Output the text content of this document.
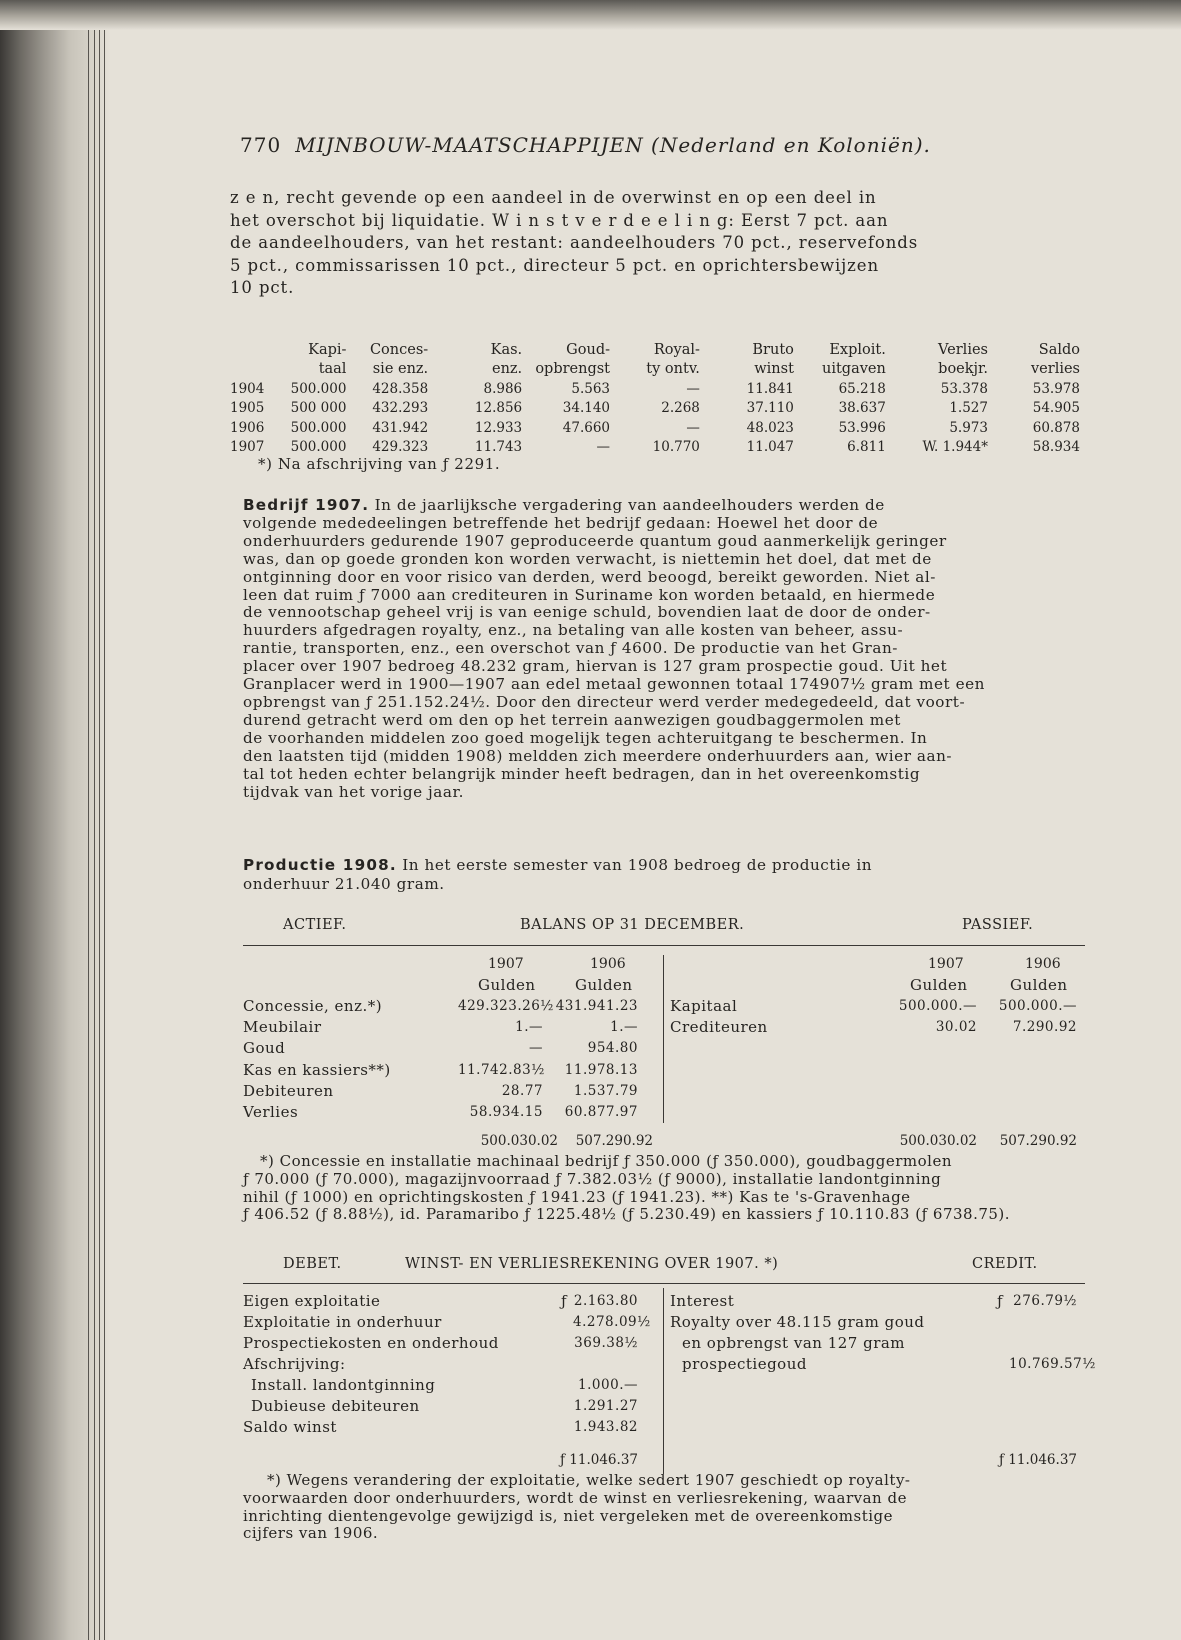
770 MIJNBOUW-MAATSCHAPPIJEN (Nederland en Koloniën).
z e n, recht gevende op een aandeel in de overwinst en op een deel in
het overschot bij liquidatie. W i n s t v e r d e e l i n g: Eerst 7 pct. aan
de aandeelhouders, van het restant: aandeelhouders 70 pct., reservefonds
5 pct., commissarissen 10 pct., directeur 5 pct. en oprichtersbewijzen
10 pct.
	Kapi-	Conces-	Kas.	Goud-	Royal-	Bruto	Exploit.	Verlies	Saldo
	taal	sie enz.	enz.	opbrengst	ty ontv.	winst	uitgaven	boekjr.	verlies
1904	500.000	428.358	8.986	5.563	—	11.841	65.218	53.378	53.978
1905	500 000	432.293	12.856	34.140	2.268	37.110	38.637	1.527	54.905
1906	500.000	431.942	12.933	47.660	—	48.023	53.996	5.973	60.878
1907	500.000	429.323	11.743	—	10.770	11.047	6.811	W. 1.944*	58.934
*) Na afschrijving van ƒ 2291.
Bedrijf 1907. In de jaarlijksche vergadering van aandeelhouders werden de
volgende mededeelingen betreffende het bedrijf gedaan: Hoewel het door de
onderhuurders gedurende 1907 geproduceerde quantum goud aanmerkelijk geringer
was, dan op goede gronden kon worden verwacht, is niettemin het doel, dat met de
ontginning door en voor risico van derden, werd beoogd, bereikt geworden. Niet al-
leen dat ruim ƒ 7000 aan crediteuren in Suriname kon worden betaald, en hiermede
de vennootschap geheel vrij is van eenige schuld, bovendien laat de door de onder-
huurders afgedragen royalty, enz., na betaling van alle kosten van beheer, assu-
rantie, transporten, enz., een overschot van ƒ 4600. De productie van het Gran-
placer over 1907 bedroeg 48.232 gram, hiervan is 127 gram prospectie goud. Uit het
Granplacer werd in 1900—1907 aan edel metaal gewonnen totaal 174907½ gram met een
opbrengst van ƒ 251.152.24½. Door den directeur werd verder medegedeeld, dat voort-
durend getracht werd om den op het terrein aanwezigen goudbaggermolen met
de voorhanden middelen zoo goed mogelijk tegen achteruitgang te beschermen. In
den laatsten tijd (midden 1908) meldden zich meerdere onderhuurders aan, wier aan-
tal tot heden echter belangrijk minder heeft bedragen, dan in het overeenkomstig
tijdvak van het vorige jaar.
Productie 1908. In het eerste semester van 1908 bedroeg de productie in
onderhuur 21.040 gram.
ACTIEF.	BALANS OP 31 DECEMBER.	PASSIEF.
1907	1906
Gulden	Gulden
1907	1906
Gulden	Gulden
Concessie, enz.*)	429.323.26½ 431.941.23
Meubilair	1.—	1.—
Goud	—	954.80
Kas en kassiers**)	11.742.83½	11.978.13
Debiteuren	28.77	1.537.79
Verlies	58.934.15	60.877.97
Kapitaal	500.000.—	500.000.—
Crediteuren	30.02	7.290.92
500.030.02	507.290.92	500.030.02	507.290.92
*) Concessie en installatie machinaal bedrijf ƒ 350.000 (ƒ 350.000), goudbaggermolen
ƒ 70.000 (ƒ 70.000), magazijnvoorraad ƒ 7.382.03½ (ƒ 9000), installatie landontginning
nihil (ƒ 1000) en oprichtingskosten ƒ 1941.23 (ƒ 1941.23). **) Kas te 's-Gravenhage
ƒ 406.52 (ƒ 8.88½), id. Paramaribo ƒ 1225.48½ (ƒ 5.230.49) en kassiers ƒ 10.110.83 (ƒ 6738.75).
DEBET.	WINST- EN VERLIESREKENING OVER 1907. *)	CREDIT.
Eigen exploitatie	ƒ 2.163.80
Exploitatie in onderhuur	4.278.09½
Prospectiekosten en onderhoud	369.38½
Afschrijving:
Install. landontginning	1.000.—
Dubieuse debiteuren	1.291.27
Saldo winst	1.943.82
Interest	ƒ 276.79½
Royalty over 48.115 gram goud
en opbrengst van 127 gram
prospectiegoud	10.769.57½
ƒ 11.046.37	ƒ 11.046.37
*) Wegens verandering der exploitatie, welke sedert 1907 geschiedt op royalty-
voorwaarden door onderhuurders, wordt de winst en verliesrekening, waarvan de
inrichting dientengevolge gewijzigd is, niet vergeleken met de overeenkomstige
cijfers van 1906.
